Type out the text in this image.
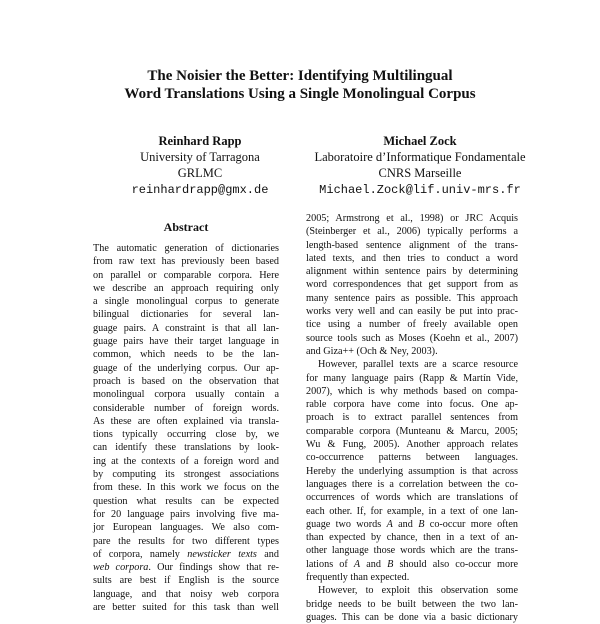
The Noisier the Better: Identifying Multilingual
Word Translations Using a Single Monolingual Corpus
Reinhard Rapp
University of Tarragona
GRLMC
reinhardrapp@gmx.de
Michael Zock
Laboratoire d’Informatique Fondamentale
CNRS Marseille
Michael.Zock@lif.univ-mrs.fr
Abstract
The automatic generation of dictionaries
from raw text has previously been based
on parallel or comparable corpora. Here
we describe an approach requiring only
a single monolingual corpus to generate
bilingual dictionaries for several lan-
guage pairs. A constraint is that all lan-
guage pairs have their target language in
common, which needs to be the lan-
guage of the underlying corpus. Our ap-
proach is based on the observation that
monolingual corpora usually contain a
considerable number of foreign words.
As these are often explained via transla-
tions typically occurring close by, we
can identify these translations by look-
ing at the contexts of a foreign word and
by computing its strongest associations
from these. In this work we focus on the
question what results can be expected
for 20 language pairs involving five ma-
jor European languages. We also com-
pare the results for two different types
of corpora, namely newsticker texts and
web corpora. Our findings show that re-
sults are best if English is the source
language, and that noisy web corpora
are better suited for this task than well
2005; Armstrong et al., 1998) or JRC Acquis
(Steinberger et al., 2006) typically performs a
length-based sentence alignment of the trans-
lated texts, and then tries to conduct a word
alignment within sentence pairs by determining
word correspondences that get support from as
many sentence pairs as possible. This approach
works very well and can easily be put into prac-
tice using a number of freely available open
source tools such as Moses (Koehn et al., 2007)
and Giza++ (Och & Ney, 2003).
However, parallel texts are a scarce resource
for many language pairs (Rapp & Martín Vide,
2007), which is why methods based on compa-
rable corpora have come into focus. One ap-
proach is to extract parallel sentences from
comparable corpora (Munteanu & Marcu, 2005;
Wu & Fung, 2005). Another approach relates
co-occurrence patterns between languages.
Hereby the underlying assumption is that across
languages there is a correlation between the co-
occurrences of words which are translations of
each other. If, for example, in a text of one lan-
guage two words A and B co-occur more often
than expected by chance, then in a text of an-
other language those words which are the trans-
lations of A and B should also co-occur more
frequently than expected.
However, to exploit this observation some
bridge needs to be built between the two lan-
guages. This can be done via a basic dictionary
